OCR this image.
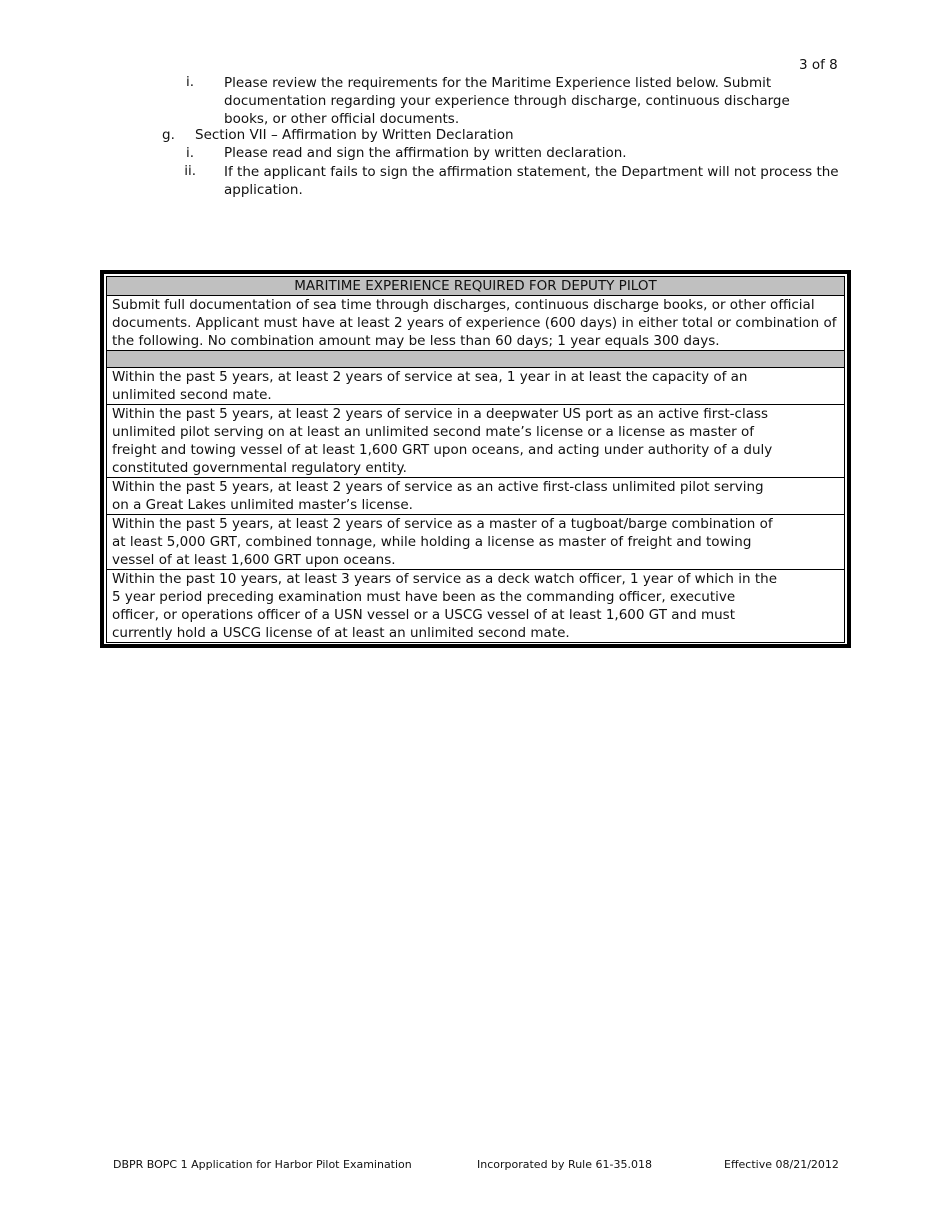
3 of 8
i. Please review the requirements for the Maritime Experience listed below. Submit
documentation regarding your experience through discharge, continuous discharge
books, or other official documents.
g.	Section VII – Affirmation by Written Declaration
i. Please read and sign the affirmation by written declaration.
ii. If the applicant fails to sign the affirmation statement, the Department will not process the
application.
MARITIME EXPERIENCE REQUIRED FOR DEPUTY PILOT

Submit full documentation of sea time through discharges, continuous discharge books, or other official
documents. Applicant must have at least 2 years of experience (600 days) in either total or combination of
the following. No combination amount may be less than 60 days; 1 year equals 300 days.

Within the past 5 years, at least 2 years of service at sea, 1 year in at least the capacity of an
unlimited second mate.

Within the past 5 years, at least 2 years of service in a deepwater US port as an active first-class
unlimited pilot serving on at least an unlimited second mate’s license or a license as master of
freight and towing vessel of at least 1,600 GRT upon oceans, and acting under authority of a duly
constituted governmental regulatory entity.

Within the past 5 years, at least 2 years of service as an active first-class unlimited pilot serving
on a Great Lakes unlimited master’s license.

Within the past 5 years, at least 2 years of service as a master of a tugboat/barge combination of
at least 5,000 GRT, combined tonnage, while holding a license as master of freight and towing
vessel of at least 1,600 GRT upon oceans.

Within the past 10 years, at least 3 years of service as a deck watch officer, 1 year of which in the
5 year period preceding examination must have been as the commanding officer, executive
officer, or operations officer of a USN vessel or a USCG vessel of at least 1,600 GT and must
currently hold a USCG license of at least an unlimited second mate.
DBPR BOPC 1 Application for Harbor Pilot Examination	Incorporated by Rule 61-35.018	Effective 08/21/2012
